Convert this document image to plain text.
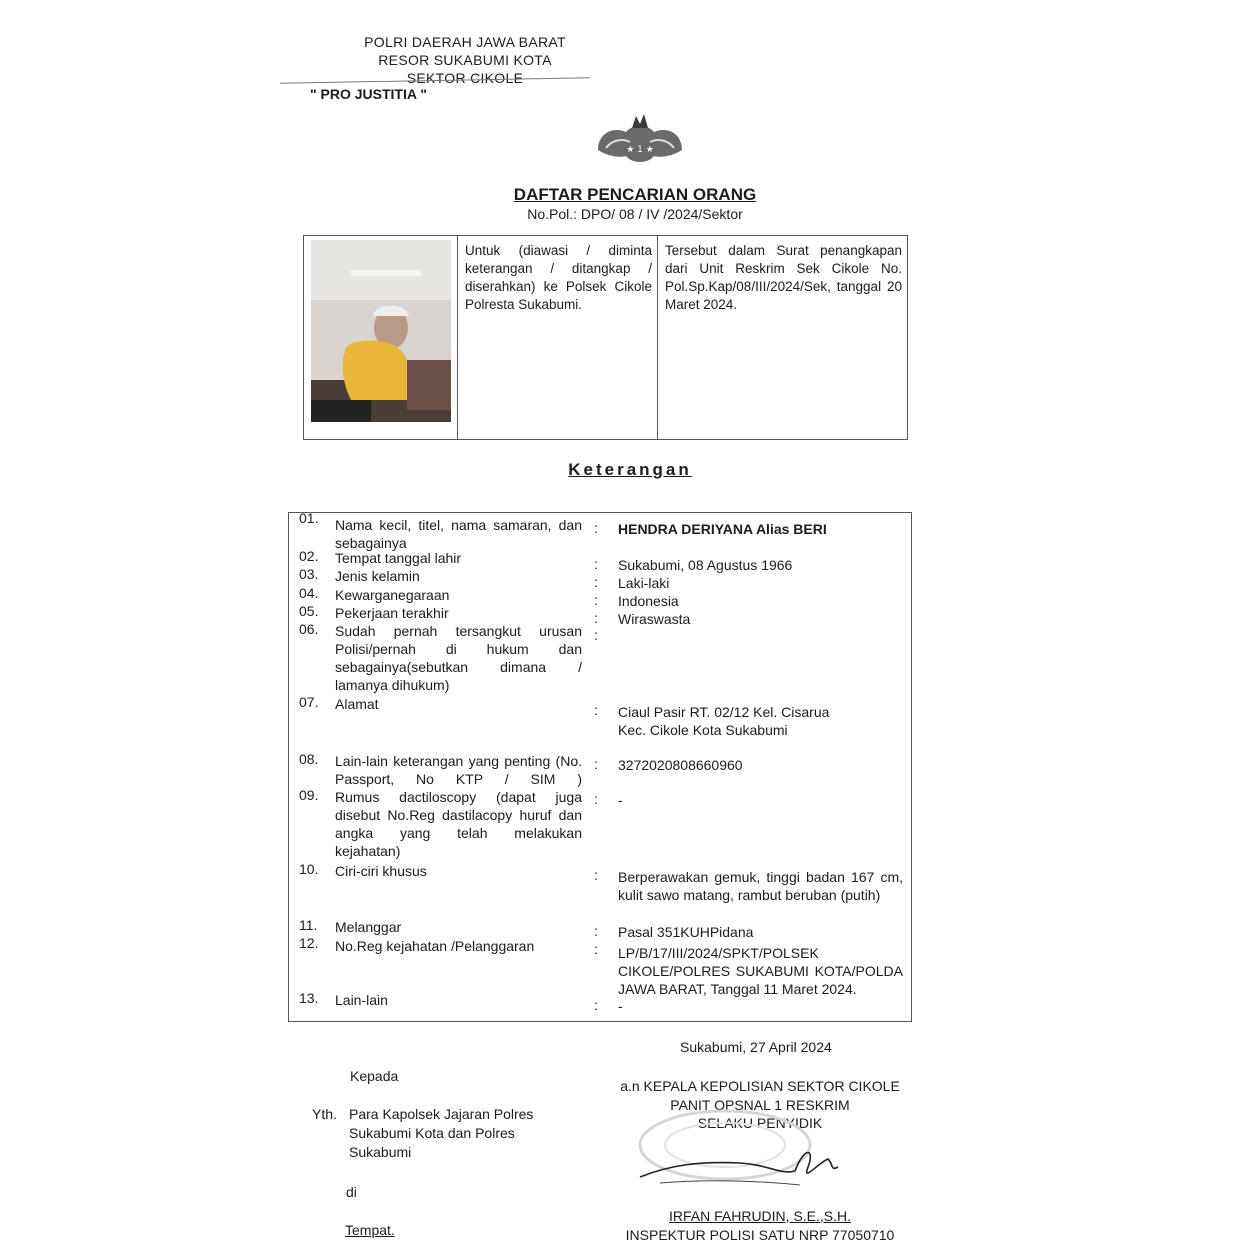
POLRI DAERAH JAWA BARAT
RESOR SUKABUMI KOTA
SEKTOR CIKOLE
" PRO JUSTITIA "
★ 1 ★
DAFTAR PENCARIAN ORANG
No.Pol.: DPO/ 08 / IV /2024/Sektor
Untuk (diawasi / diminta keterangan / ditangkap / diserahkan) ke Polsek Cikole Polresta Sukabumi.
Tersebut dalam Surat penangkapan dari Unit Reskrim Sek Cikole No. Pol.Sp.Kap/08/III/2024/Sek, tanggal 20 Maret 2024.
Keterangan
01. Nama kecil, titel, nama samaran, dan sebagainya
: HENDRA DERIYANA Alias BERI
02. Tempat tanggal lahir	: Sukabumi, 08 Agustus 1966
03. Jenis kelamin	: Laki-laki
04. Kewarganegaraan	: Indonesia
05. Pekerjaan terakhir	: Wiraswasta
06. Sudah pernah tersangkut urusan Polisi/pernah di hukum dan sebagainya(sebutkan dimana / lamanya dihukum)
:
07. Alamat	: Ciaul Pasir RT. 02/12 Kel. Cisarua Kec. Cikole Kota Sukabumi
08. Lain-lain keterangan yang penting (No. Passport, No KTP / SIM )
: 3272020808660960
09. Rumus dactiloscopy (dapat juga disebut No.Reg dastilacopy huruf dan angka yang telah melakukan kejahatan)
: -
10. Ciri-ciri khusus	: Berperawakan gemuk, tinggi badan 167 cm, kulit sawo matang, rambut beruban (putih)
11. Melanggar	: Pasal 351KUHPidana
12. No.Reg kejahatan /Pelanggaran	: LP/B/17/III/2024/SPKT/POLSEK CIKOLE/POLRES SUKABUMI KOTA/POLDA JAWA BARAT, Tanggal 11 Maret 2024.
13. Lain-lain	: -
Sukabumi, 27 April 2024
Kepada
Yth. Para Kapolsek Jajaran Polres
Sukabumi Kota dan Polres
Sukabumi
di
Tempat.
a.n KEPALA KEPOLISIAN SEKTOR CIKOLE
PANIT OPSNAL 1 RESKRIM
SELAKU PENYIDIK
IRFAN FAHRUDIN, S.E.,S.H.
INSPEKTUR POLISI SATU NRP 77050710
